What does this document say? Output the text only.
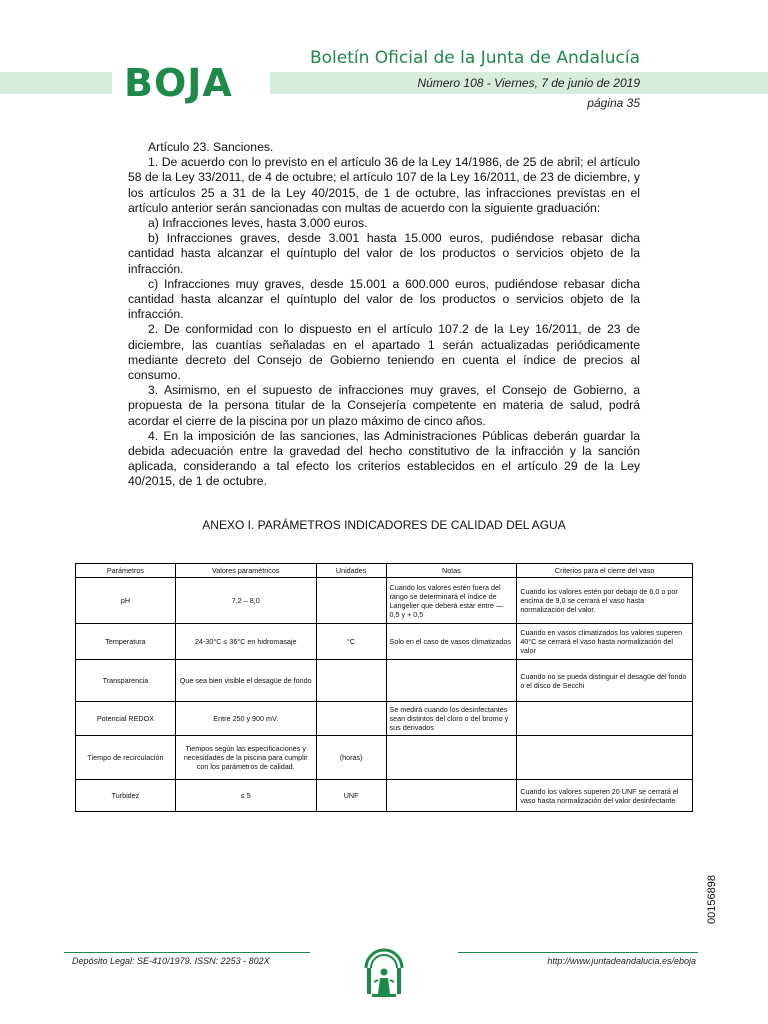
BOJA
Boletín Oficial de la Junta de Andalucía
Número 108 - Viernes, 7 de junio de 2019
página 35

Artículo 23. Sanciones.

1. De acuerdo con lo previsto en el artículo 36 de la Ley 14/1986, de 25 de abril; el artículo 58 de la Ley 33/2011, de 4 de octubre; el artículo 107 de la Ley 16/2011, de 23 de diciembre, y los artículos 25 a 31 de la Ley 40/2015, de 1 de octubre, las infracciones previstas en el artículo anterior serán sancionadas con multas de acuerdo con la siguiente graduación:

a) Infracciones leves, hasta 3.000 euros.

b) Infracciones graves, desde 3.001 hasta 15.000 euros, pudiéndose rebasar dicha cantidad hasta alcanzar el quíntuplo del valor de los productos o servicios objeto de la infracción.

c) Infracciones muy graves, desde 15.001 a 600.000 euros, pudiéndose rebasar dicha cantidad hasta alcanzar el quíntuplo del valor de los productos o servicios objeto de la infracción.

2. De conformidad con lo dispuesto en el artículo 107.2 de la Ley 16/2011, de 23 de diciembre, las cuantías señaladas en el apartado 1 serán actualizadas periódicamente mediante decreto del Consejo de Gobierno teniendo en cuenta el índice de precios al consumo.

3. Asimismo, en el supuesto de infracciones muy graves, el Consejo de Gobierno, a propuesta de la persona titular de la Consejería competente en materia de salud, podrá acordar el cierre de la piscina por un plazo máximo de cinco años.

4. En la imposición de las sanciones, las Administraciones Públicas deberán guardar la debida adecuación entre la gravedad del hecho constitutivo de la infracción y la sanción aplicada, considerando a tal efecto los criterios establecidos en el artículo 29 de la Ley 40/2015, de 1 de octubre.

ANEXO I. PARÁMETROS INDICADORES DE CALIDAD DEL AGUA
Parámetros	Valores paramétricos	Unidades	Notas	Criterios para el cierre del vaso
pH	7,2 – 8,0		Cuando los valores estén fuera del rango se determinará el índice de Langelier que deberá estar entre — 0,5 y + 0,5	Cuando los valores estén por debajo de 6,0 o por encima de 9,0 se cerrará el vaso hasta normalización del valor.
Temperatura	24-30°C ≤ 36°C en hidromasaje	°C	Solo en el caso de vasos climatizados	Cuando en vasos climatizados los valores superen 40°C se cerrará el vaso hasta normalización del valor
Transparencia	Que sea bien visible el desagüe de fondo			Cuando no se pueda distinguir el desagüe del fondo o el disco de Secchi
Potencial REDOX	Entre 250 y 900 mV.		Se medirá cuando los desinfectantes sean distintos del cloro o del bromo y sus derivados	
Tiempo de recirculación	Tiempos según las especificaciones y necesidades de la piscina para cumplir con los parámetros de calidad.	(horas)		
Turbidez	≤ 5	UNF		Cuando los valores superen 20 UNF se cerrará el vaso hasta normalización del valor desinfectante
00156898
Depósito Legal: SE-410/1979. ISSN: 2253 - 802X	http://www.juntadeandalucia.es/eboja
